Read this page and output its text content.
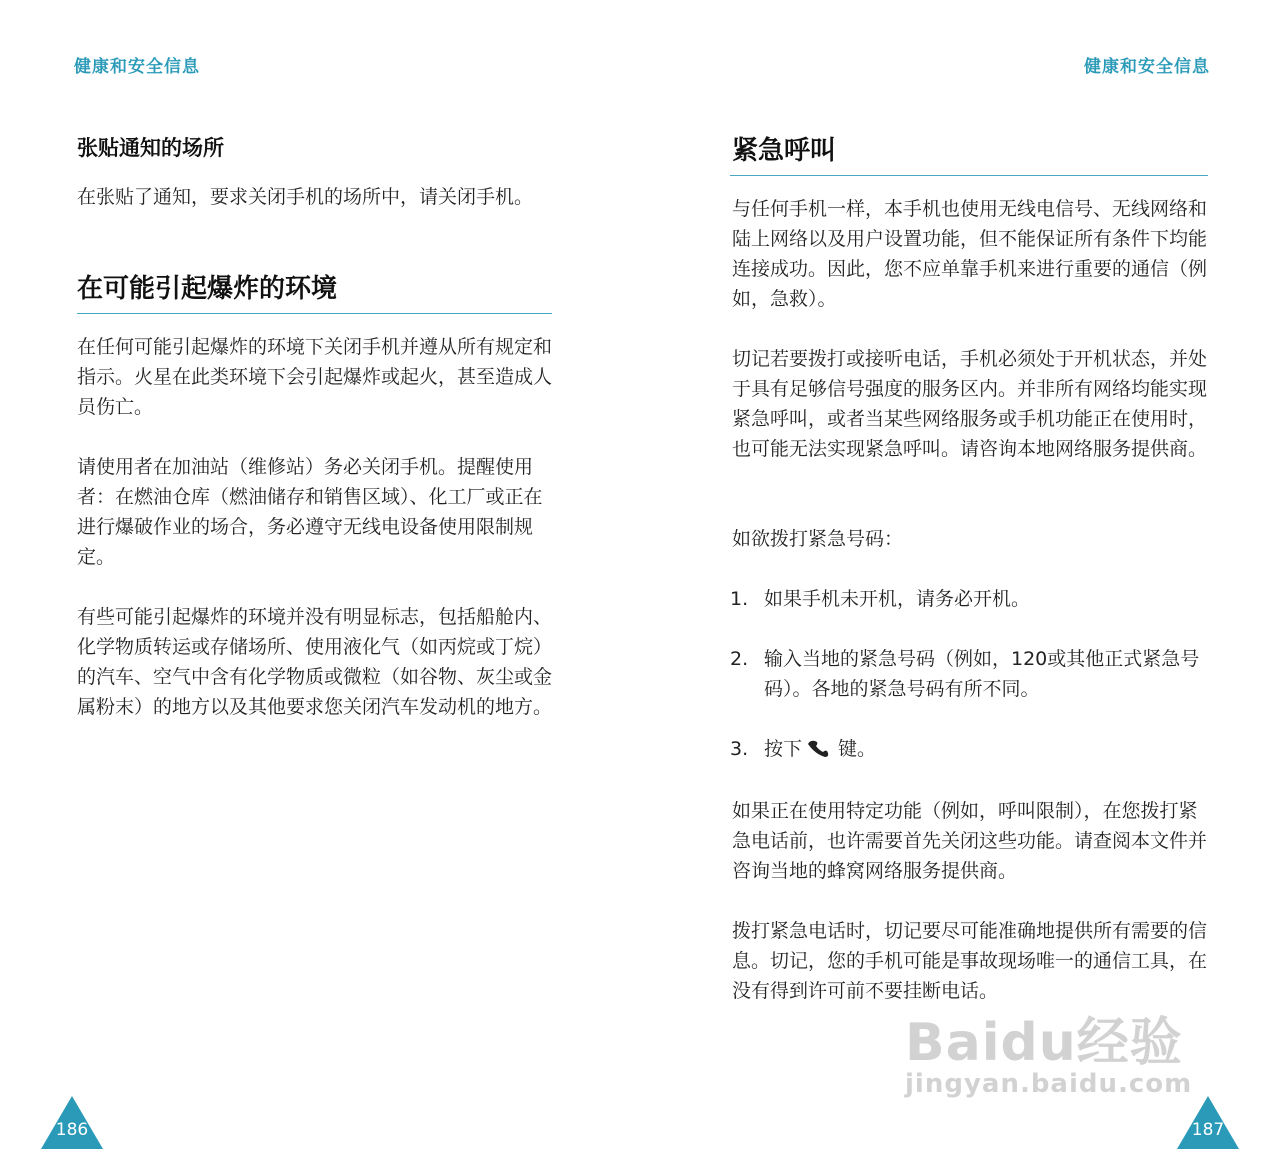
健康和安全信息
张贴通知的场所

在张贴了通知，要求关闭手机的场所中，请关闭手机。

在可能引起爆炸的环境

在任何可能引起爆炸的环境下关闭手机并遵从所有规定和指示。火星在此类环境下会引起爆炸或起火，甚至造成人员伤亡。

请使用者在加油站（维修站）务必关闭手机。提醒使用者：在燃油仓库（燃油储存和销售区域）、化工厂或正在进行爆破作业的场合，务必遵守无线电设备使用限制规定。

有些可能引起爆炸的环境并没有明显标志，包括船舱内、化学物质转运或存储场所、使用液化气（如丙烷或丁烷）的汽车、空气中含有化学物质或微粒（如谷物、灰尘或金属粉末）的地方以及其他要求您关闭汽车发动机的地方。

186
健康和安全信息
紧急呼叫

与任何手机一样，本手机也使用无线电信号、无线网络和陆上网络以及用户设置功能，但不能保证所有条件下均能连接成功。因此，您不应单靠手机来进行重要的通信（例如，急救）。

切记若要拨打或接听电话，手机必须处于开机状态，并处于具有足够信号强度的服务区内。并非所有网络均能实现紧急呼叫，或者当某些网络服务或手机功能正在使用时，也可能无法实现紧急呼叫。请咨询本地网络服务提供商。

如欲拨打紧急号码：

1. 如果手机未开机，请务必开机。
2. 输入当地的紧急号码（例如，120或其他正式紧急号码）。各地的紧急号码有所不同。
3. 按下 键。

如果正在使用特定功能（例如，呼叫限制），在您拨打紧急电话前，也许需要首先关闭这些功能。请查阅本文件并咨询当地的蜂窝网络服务提供商。

拨打紧急电话时，切记要尽可能准确地提供所有需要的信息。切记，您的手机可能是事故现场唯一的通信工具，在没有得到许可前不要挂断电话。

187
Baidu经验
jingyan.baidu.com
